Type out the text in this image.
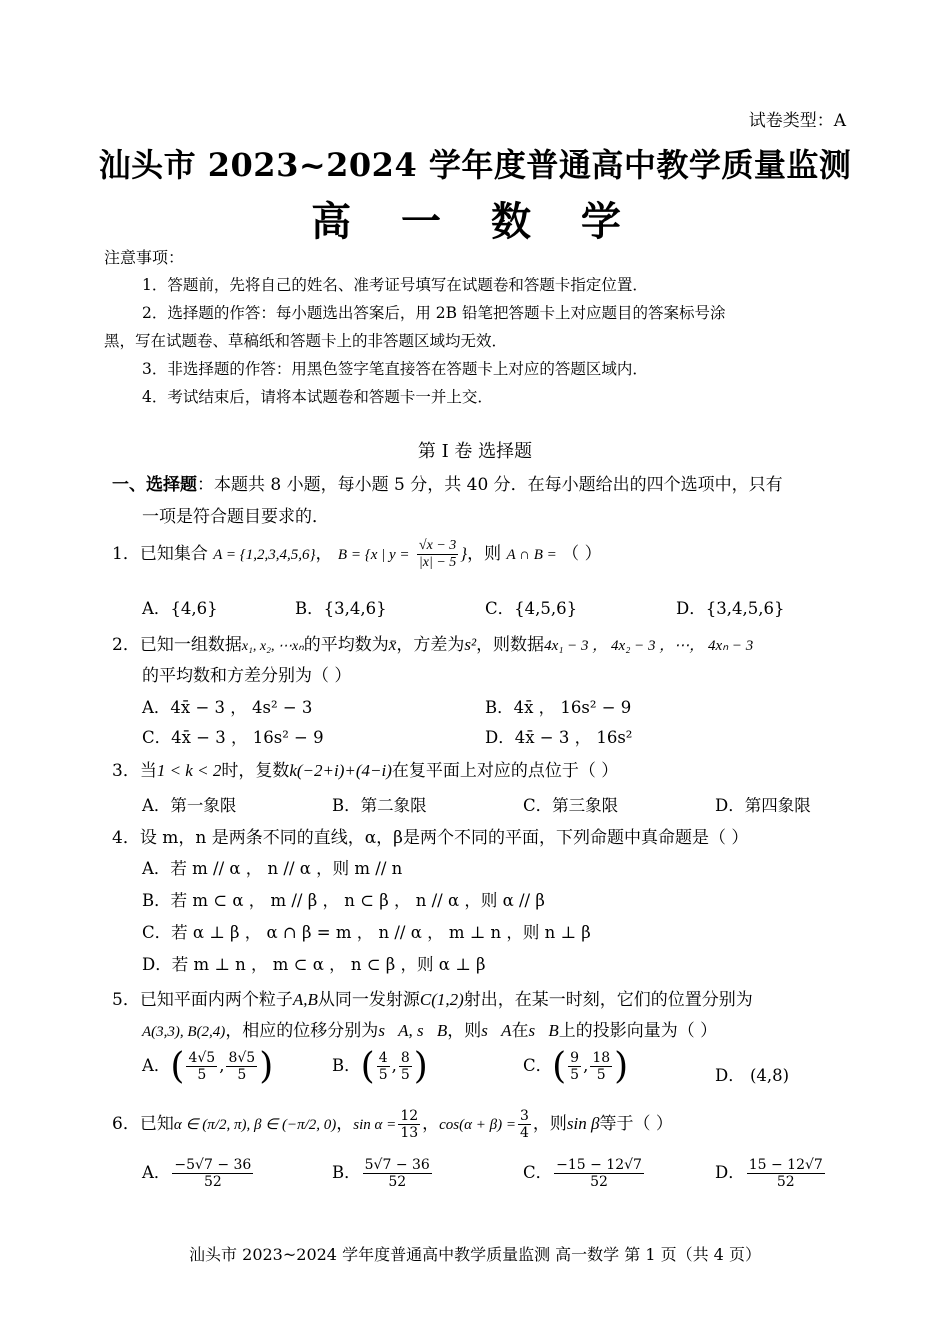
试卷类型：A
汕头市 2023~2024 学年度普通高中教学质量监测
高 一 数 学
注意事项：
1．答题前，先将自己的姓名、准考证号填写在试题卷和答题卡指定位置．
2．选择题的作答：每小题选出答案后，用 2B 铅笔把答题卡上对应题目的答案标号涂
黑，写在试题卷、草稿纸和答题卡上的非答题区域均无效．
3．非选择题的作答：用黑色签字笔直接答在答题卡上对应的答题区域内．
4．考试结束后，请将本试题卷和答题卡一并上交．
第 I 卷 选择题
一、选择题：本题共 8 小题，每小题 5 分，共 40 分．在每小题给出的四个选项中，只有
一项是符合题目要求的．
1．已知集合 A = {1,2,3,4,5,6}， B = {x | $y = \frac{√x - 3}{|x| - 5}$ }，则 A ∩ B = （ ）
A．{4,6}	B．{3,4,6}	C．{4,5,6}	D．{3,4,5,6}
2．已知一组数据x₁, x₂, ⋯xₙ的平均数为x̄，方差为s²，则数据4x₁ − 3 ， 4x₂ − 3 ，⋯， 4xₙ − 3
的平均数和方差分别为（ ）
A．4x̄ − 3 ， 4s² − 3	B．4x̄ ， 16s² − 9
C．4x̄ − 3 ， 16s² − 9	D．4x̄ − 3 ， 16s²
3．当1 < k < 2时，复数k(−2+i)+(4−i)在复平面上对应的点位于（ ）
A．第一象限	B．第二象限	C．第三象限	D．第四象限
4．设 m，n 是两条不同的直线，α，β是两个不同的平面，下列命题中真命题是（ ）
A．若 m // α ， n // α ，则 m // n
B．若 m ⊂ α ， m // β ， n ⊂ β ， n // α ，则 α // β
C．若 α ⊥ β ， α ∩ β = m ， n // α ， m ⊥ n ，则 n ⊥ β
D．若 m ⊥ n ， m ⊂ α ， n ⊂ β ，则 α ⊥ β
5．已知平面内两个粒子A,B从同一发射源C(1,2)射出，在某一时刻，它们的位置分别为
A(3,3), B(2,4)，相应的位移分别为s⃗A, s⃗B，则s⃗A在s⃗B上的投影向量为（ ）
A．( $\frac{4√5}{5}$ , $\frac{8√5}{5}$ )	B．( $\frac{4}{5}$ , $\frac{8}{5}$ )	C．( $\frac{9}{5}$ , $\frac{18}{5}$ )	D． (4,8)
6．已知α ∈ (π/2, π), β ∈ (−π/2, 0)，$\sin \alpha = \frac{12}{13}$ ，$\cos(\alpha + \beta) = \frac{3}{4}$ ，则sin β等于（ ）
A． $\frac{-5√7 - 36}{52}$	B． $\frac{5√7 - 36}{52}$	C． $\frac{-15 - 12√7}{52}$	D． $\frac{15 - 12√7}{52}$
汕头市 2023~2024 学年度普通高中教学质量监测 高一数学 第 1 页（共 4 页）
